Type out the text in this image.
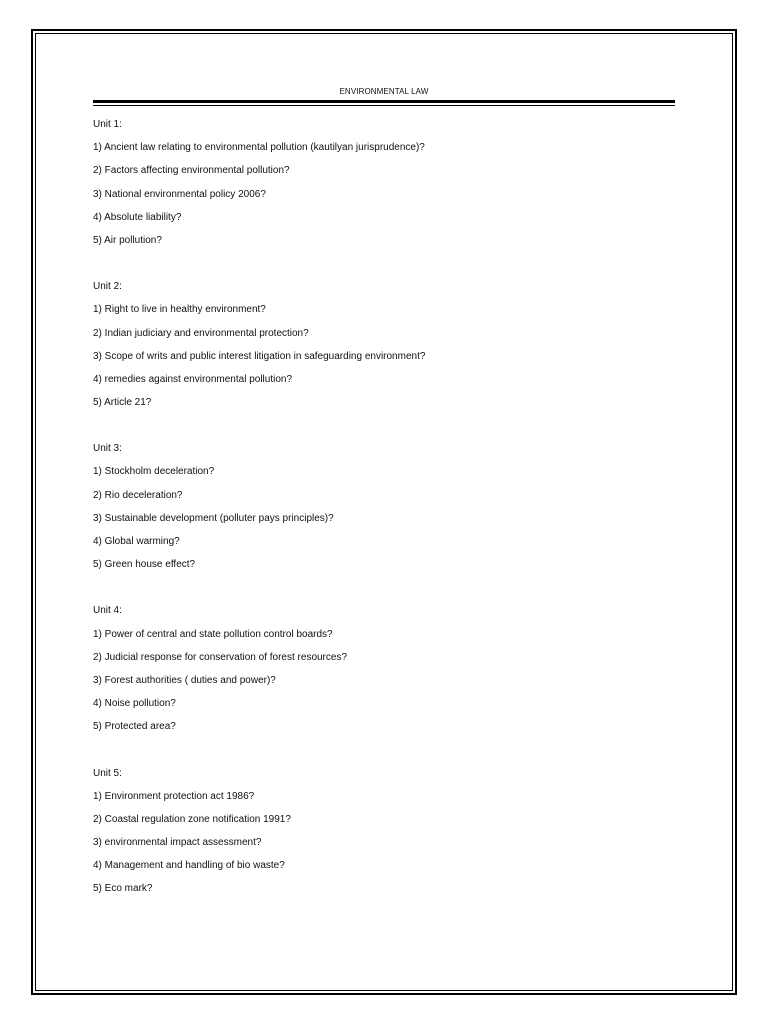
ENVIRONMENTAL LAW
Unit 1:
1) Ancient law relating to environmental pollution (kautilyan jurisprudence)?
2) Factors affecting environmental pollution?
3) National environmental policy 2006?
4) Absolute liability?
5) Air pollution?
Unit 2:
1) Right to live in healthy environment?
2) Indian judiciary and environmental protection?
3) Scope of writs and public interest litigation in safeguarding environment?
4) remedies against environmental pollution?
5) Article 21?
Unit 3:
1) Stockholm deceleration?
2) Rio deceleration?
3) Sustainable development (polluter pays principles)?
4) Global warming?
5) Green house effect?
Unit 4:
1) Power of central and state pollution control boards?
2) Judicial response for conservation of forest resources?
3) Forest authorities ( duties and power)?
4) Noise pollution?
5) Protected area?
Unit 5:
1) Environment protection act 1986?
2) Coastal regulation zone notification 1991?
3) environmental impact assessment?
4) Management and handling of bio waste?
5) Eco mark?
